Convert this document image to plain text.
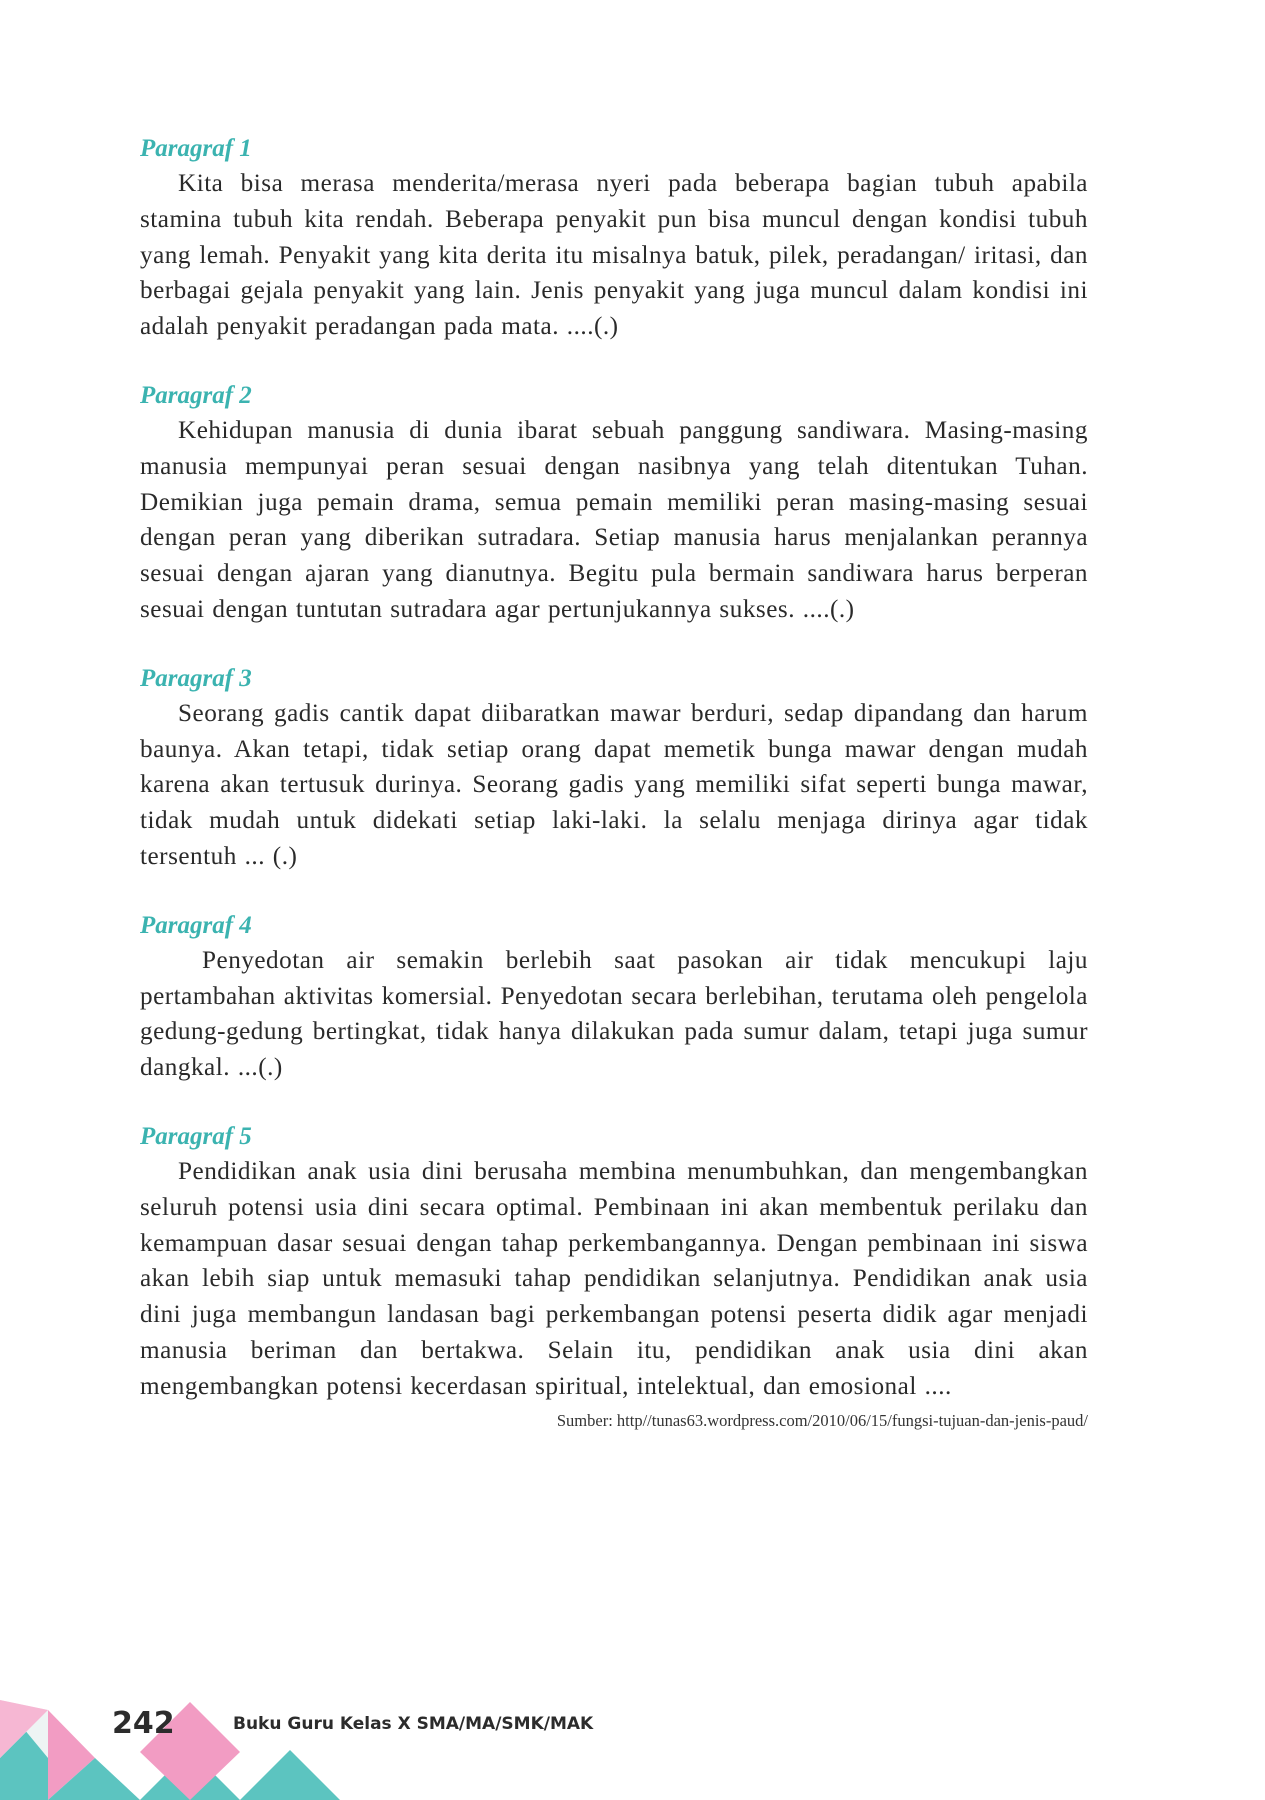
Paragraf 1

Kita bisa merasa menderita/merasa nyeri pada beberapa bagian tubuh apabila stamina tubuh kita rendah. Beberapa penyakit pun bisa muncul dengan kondisi tubuh yang lemah. Penyakit yang kita derita itu misalnya batuk, pilek, peradangan/ iritasi, dan berbagai gejala penyakit yang lain. Jenis penyakit yang juga muncul dalam kondisi ini adalah penyakit peradangan pada mata. ....(.)

Paragraf 2

Kehidupan manusia di dunia ibarat sebuah panggung sandiwara. Masing-masing manusia mempunyai peran sesuai dengan nasibnya yang telah ditentukan Tuhan. Demikian juga pemain drama, semua pemain memiliki peran masing-masing sesuai dengan peran yang diberikan sutradara. Setiap manusia harus menjalankan perannya sesuai dengan ajaran yang dianutnya. Begitu pula bermain sandiwara harus berperan sesuai dengan tuntutan sutradara agar pertunjukannya sukses. ....(.)

Paragraf 3

Seorang gadis cantik dapat diibaratkan mawar berduri, sedap dipandang dan harum baunya. Akan tetapi, tidak setiap orang dapat memetik bunga mawar dengan mudah karena akan tertusuk durinya. Seorang gadis yang memiliki sifat seperti bunga mawar, tidak mudah untuk didekati setiap laki-laki. la selalu menjaga dirinya agar tidak tersentuh ... (.)

Paragraf 4

Penyedotan air semakin berlebih saat pasokan air tidak mencukupi laju pertambahan aktivitas komersial. Penyedotan secara berlebihan, terutama oleh pengelola gedung-gedung bertingkat, tidak hanya dilakukan pada sumur dalam, tetapi juga sumur dangkal. ...(.)

Paragraf 5

Pendidikan anak usia dini berusaha membina menumbuhkan, dan mengembangkan seluruh potensi usia dini secara optimal. Pembinaan ini akan membentuk perilaku dan kemampuan dasar sesuai dengan tahap perkembangannya. Dengan pembinaan ini siswa akan lebih siap untuk memasuki tahap pendidikan selanjutnya. Pendidikan anak usia dini juga membangun landasan bagi perkembangan potensi peserta didik agar menjadi manusia beriman dan bertakwa. Selain itu, pendidikan anak usia dini akan mengembangkan potensi kecerdasan spiritual, intelektual, dan emosional ....

Sumber: http//tunas63.wordpress.com/2010/06/15/fungsi-tujuan-dan-jenis-paud/
242	Buku Guru Kelas X SMA/MA/SMK/MAK
